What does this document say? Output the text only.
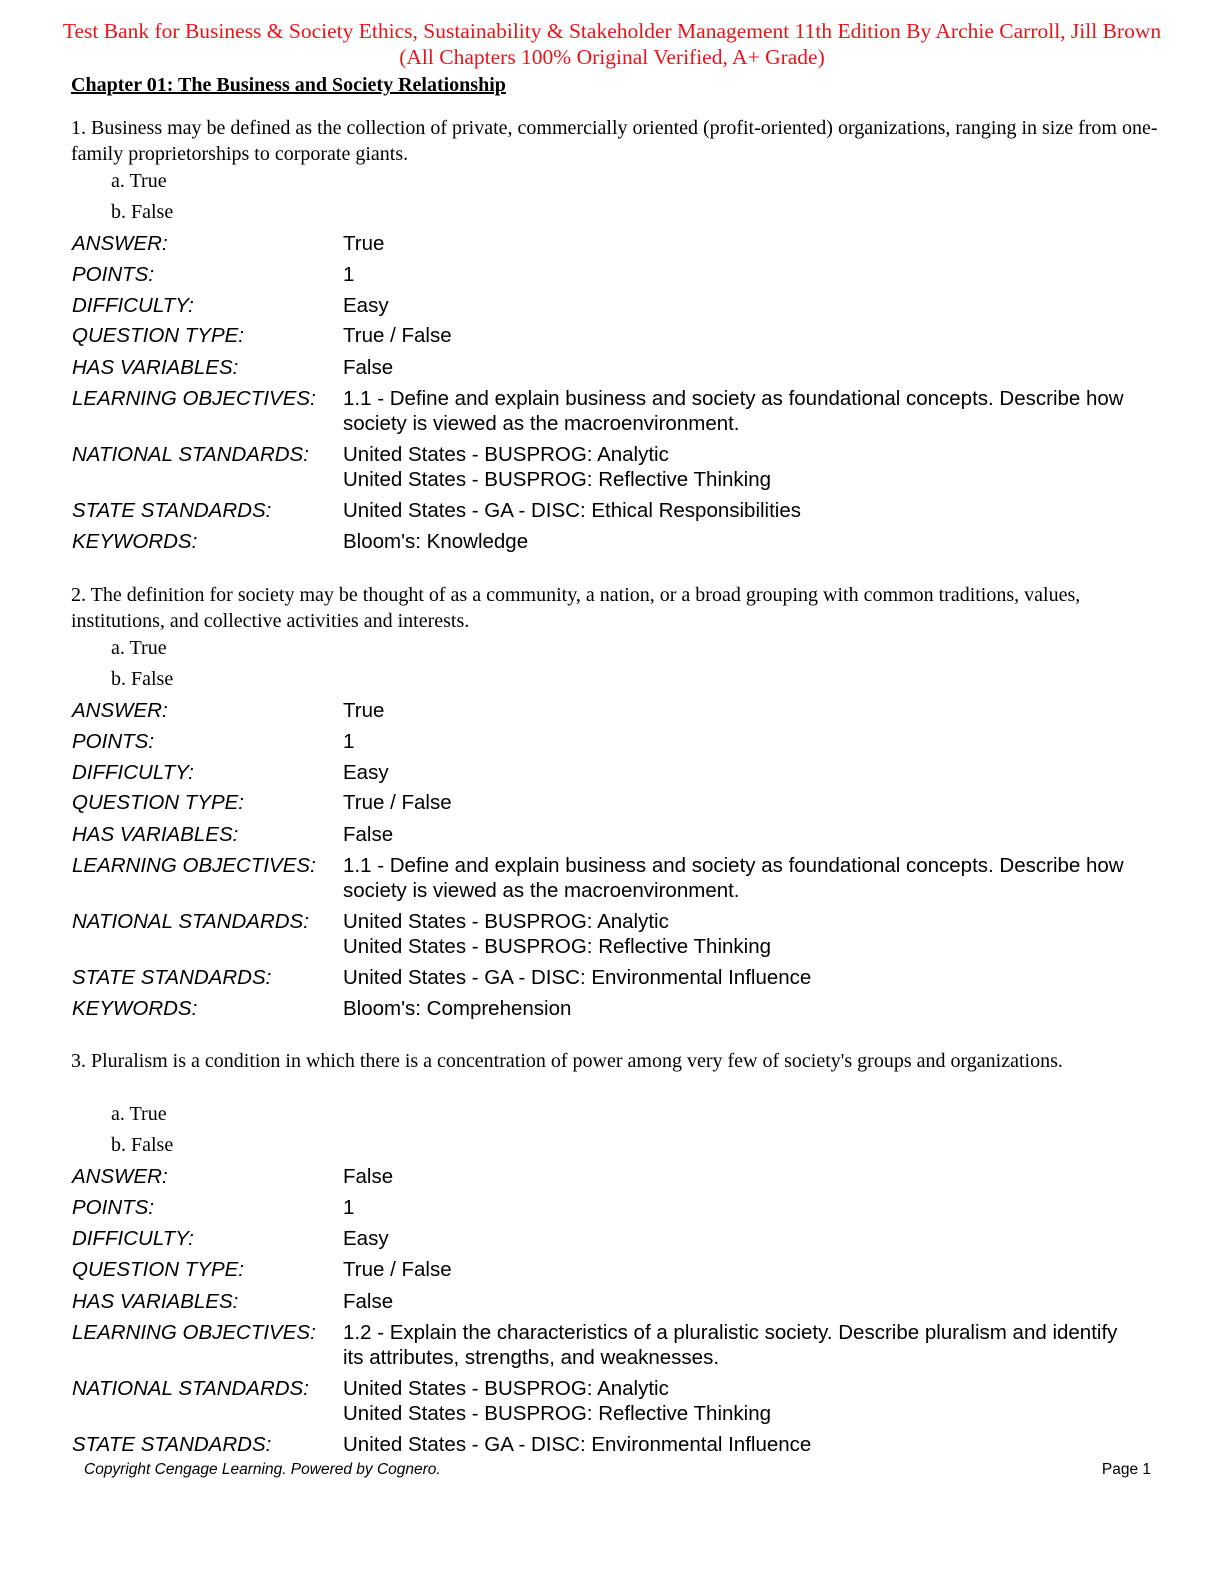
Test Bank for Business & Society Ethics, Sustainability & Stakeholder Management 11th Edition By Archie Carroll, Jill Brown
(All Chapters 100% Original Verified, A+ Grade)
Chapter 01: The Business and Society Relationship
1. Business may be defined as the collection of private, commercially oriented (profit-oriented) organizations, ranging in size from one-family proprietorships to corporate giants.
a. True
b. False
ANSWER:	True
POINTS:	1
DIFFICULTY:	Easy
QUESTION TYPE:	True / False
HAS VARIABLES:	False
LEARNING OBJECTIVES: 1.1 - Define and explain business and society as foundational concepts. Describe how society is viewed as the macroenvironment.
NATIONAL STANDARDS: United States - BUSPROG: Analytic
United States - BUSPROG: Reflective Thinking
STATE STANDARDS:	United States - GA - DISC: Ethical Responsibilities
KEYWORDS:	Bloom's: Knowledge
2. The definition for society may be thought of as a community, a nation, or a broad grouping with common traditions, values, institutions, and collective activities and interests.
a. True
b. False
ANSWER:	True
POINTS:	1
DIFFICULTY:	Easy
QUESTION TYPE:	True / False
HAS VARIABLES:	False
LEARNING OBJECTIVES: 1.1 - Define and explain business and society as foundational concepts. Describe how society is viewed as the macroenvironment.
NATIONAL STANDARDS: United States - BUSPROG: Analytic
United States - BUSPROG: Reflective Thinking
STATE STANDARDS:	United States - GA - DISC: Environmental Influence
KEYWORDS:	Bloom's: Comprehension
3. Pluralism is a condition in which there is a concentration of power among very few of society's groups and organizations.
a. True
b. False
ANSWER:	False
POINTS:	1
DIFFICULTY:	Easy
QUESTION TYPE:	True / False
HAS VARIABLES:	False
LEARNING OBJECTIVES: 1.2 - Explain the characteristics of a pluralistic society. Describe pluralism and identify its attributes, strengths, and weaknesses.
NATIONAL STANDARDS: United States - BUSPROG: Analytic
United States - BUSPROG: Reflective Thinking
STATE STANDARDS:	United States - GA - DISC: Environmental Influence
Copyright Cengage Learning. Powered by Cognero.	Page 1
